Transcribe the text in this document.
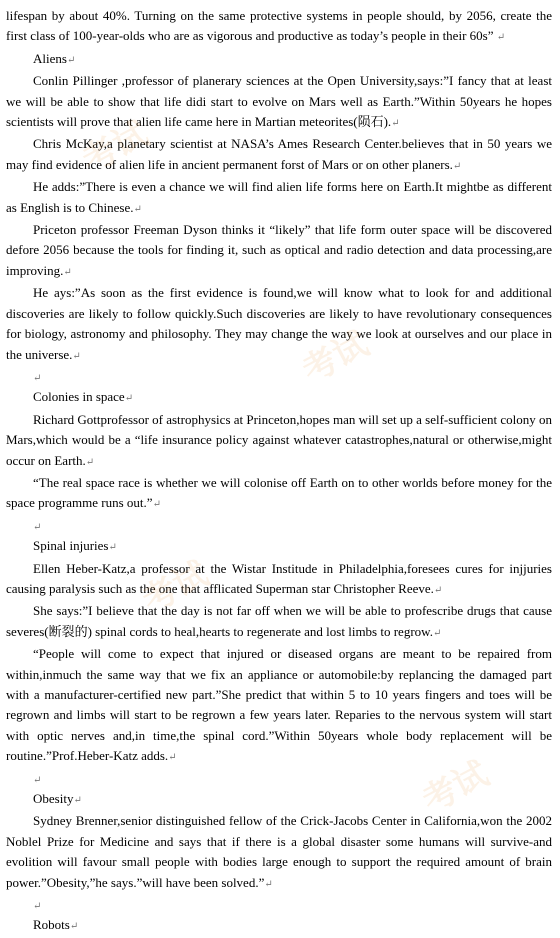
lifespan by about 40%. Turning on the same protective systems in people should, by 2056, create the first class of 100-year-olds who are as vigorous and productive as today’s people in their 60s” ↵
Aliens↵
Conlin Pillinger ,professor of planerary sciences at the Open University,says:”I fancy that at least we will be able to show that life didi start to evolve on Mars well as Earth.”Within 50years he hopes scientists will prove that alien life came here in Martian meteorites(陨石).↵
Chris McKay,a planetary scientist at NASA’s Ames Research Center.believes that in 50 years we may find evidence of alien life in ancient permanent forst of Mars or on other planers.↵
He adds:”There is even a chance we will find alien life forms here on Earth.It mightbe as different as English is to Chinese.↵
Priceton professor Freeman Dyson thinks it “likely” that life form outer space will be discovered defore 2056 because the tools for finding it, such as optical and radio detection and data processing,are improving.↵
He ays:”As soon as the first evidence is found,we will know what to look for and additional discoveries are likely to follow quickly.Such discoveries are likely to have revolutionary consequences for biology, astronomy and philosophy. They may change the way we look at ourselves and our place in the universe.↵
↵
Colonies in space↵
Richard Gottprofessor of astrophysics at Princeton,hopes man will set up a self-sufficient colony on Mars,which would be a “life insurance policy against whatever catastrophes,natural or otherwise,might occur on Earth.↵
“The real space race is whether we will colonise off Earth on to other worlds before money for the space programme runs out.”↵
↵
Spinal injuries↵
Ellen Heber-Katz,a professor at the Wistar Institude in Philadelphia,foresees cures for injjuries causing paralysis such as the one that afflicated Superman star Christopher Reeve.↵
She says:”I believe that the day is not far off when we will be able to profescribe drugs that cause severes(断裂的) spinal cords to heal,hearts to regenerate and lost limbs to regrow.↵
“People will come to expect that injured or diseased organs are meant to be repaired from within,inmuch the same way that we fix an appliance or automobile:by replancing the damaged part with a manufacturer-certified new part.”She predict that within 5 to 10 years fingers and toes will be regrown and limbs will start to be regrown a few years later. Reparies to the nervous system will start with optic nerves and,in time,the spinal cord.”Within 50years whole body replacement will be routine.”Prof.Heber-Katz adds.↵
↵
Obesity↵
Sydney Brenner,senior distinguished fellow of the Crick-Jacobs Center in California,won the 2002 Noblel Prize for Medicine and says that if there is a global disaster some humans will survive-and evolition will favour small people with bodies large enough to support the required amount of brain power.”Obesity,”he says.”will have been solved.”↵
↵
Robots↵
考试
考试
考试
考试
